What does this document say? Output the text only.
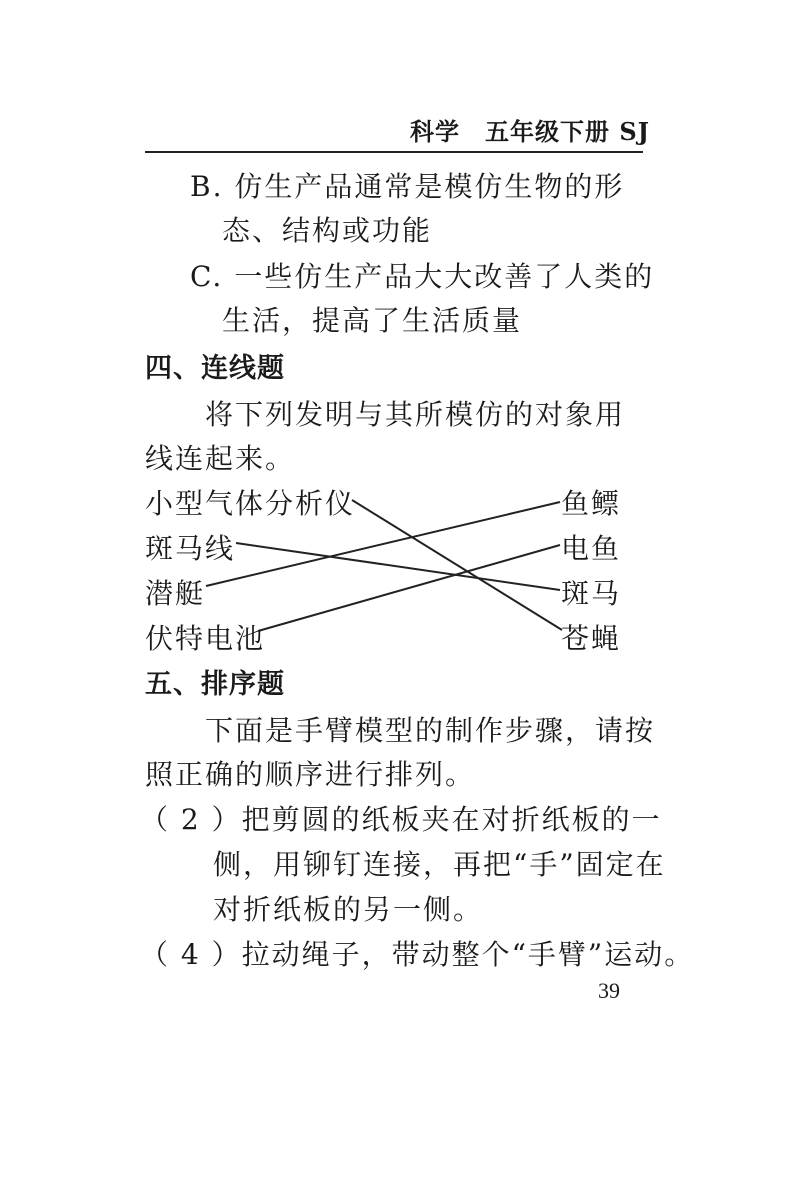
科学　五年级下册 SJ
B. 仿生产品通常是模仿生物的形
态、结构或功能
C. 一些仿生产品大大改善了人类的
生活，提高了生活质量
四、连线题
将下列发明与其所模仿的对象用
线连起来。
小型气体分析仪
斑马线
潜艇
伏特电池
鱼鳔
电鱼
斑马
苍蝇
五、排序题
下面是手臂模型的制作步骤，请按
照正确的顺序进行排列。
（ 2 ）把剪圆的纸板夹在对折纸板的一
侧，用铆钉连接，再把“手”固定在
对折纸板的另一侧。
（ 4 ）拉动绳子，带动整个“手臂”运动。
39
